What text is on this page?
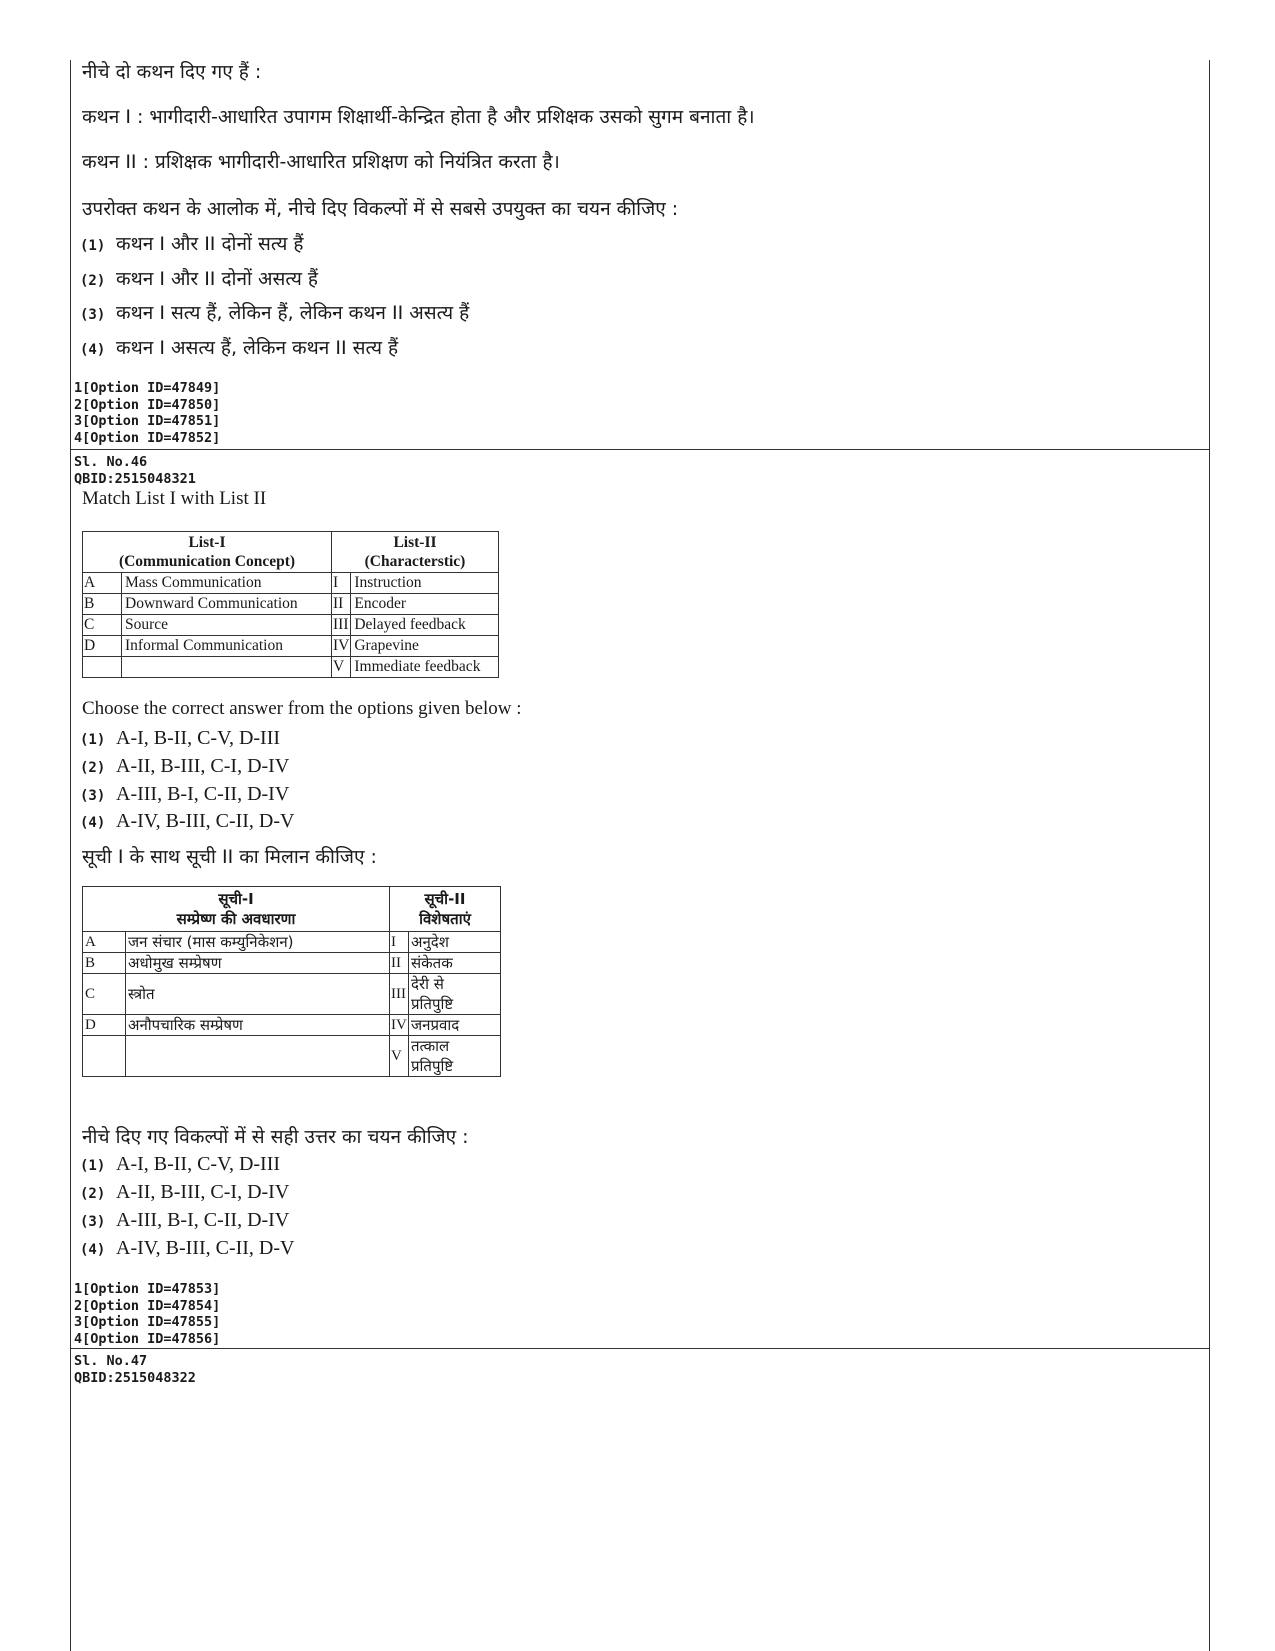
नीचे दो कथन दिए गए हैं :

कथन I : भागीदारी-आधारित उपागम शिक्षार्थी-केन्द्रित होता है और प्रशिक्षक उसको सुगम बनाता है।

कथन II : प्रशिक्षक भागीदारी-आधारित प्रशिक्षण को नियंत्रित करता है।

उपरोक्त कथन के आलोक में, नीचे दिए विकल्पों में से सबसे उपयुक्त का चयन कीजिए :

(1) कथन I और II दोनों सत्य हैं
(2) कथन I और II दोनों असत्य हैं
(3) कथन I सत्य हैं, लेकिन हैं, लेकिन कथन II असत्य हैं
(4) कथन I असत्य हैं, लेकिन कथन II सत्य हैं
1[Option ID=47849]
2[Option ID=47850]
3[Option ID=47851]
4[Option ID=47852]
Sl. No.46
QBID:2515048321

Match List I with List II

List-I
(Communication Concept)		List-II
(Characterstic)	
A	Mass Communication	I	Instruction
B	Downward Communication	II	Encoder
C	Source	III	Delayed feedback
D	Informal Communication	IV	Grapevine
		V	Immediate feedback

Choose the correct answer from the options given below :

(1) A-I, B-II, C-V, D-III
(2) A-II, B-III, C-I, D-IV
(3) A-III, B-I, C-II, D-IV
(4) A-IV, B-III, C-II, D-V

सूची I के साथ सूची II का मिलान कीजिए :

सूची-I
सम्प्रेष्ण की अवधारणा		सूची-II
विशेषताएं	
A	जन संचार (मास कम्युनिकेशन)	I	अनुदेश
B	अधोमुख सम्प्रेषण	II	संकेतक
C	स्त्रोत	III	देरी से
प्रतिपुष्टि
D	अनौपचारिक सम्प्रेषण	IV	जनप्रवाद
		V	तत्काल
प्रतिपुष्टि

नीचे दिए गए विकल्पों में से सही उत्तर का चयन कीजिए :

(1) A-I, B-II, C-V, D-III
(2) A-II, B-III, C-I, D-IV
(3) A-III, B-I, C-II, D-IV
(4) A-IV, B-III, C-II, D-V
1[Option ID=47853]
2[Option ID=47854]
3[Option ID=47855]
4[Option ID=47856]
Sl. No.47
QBID:2515048322
